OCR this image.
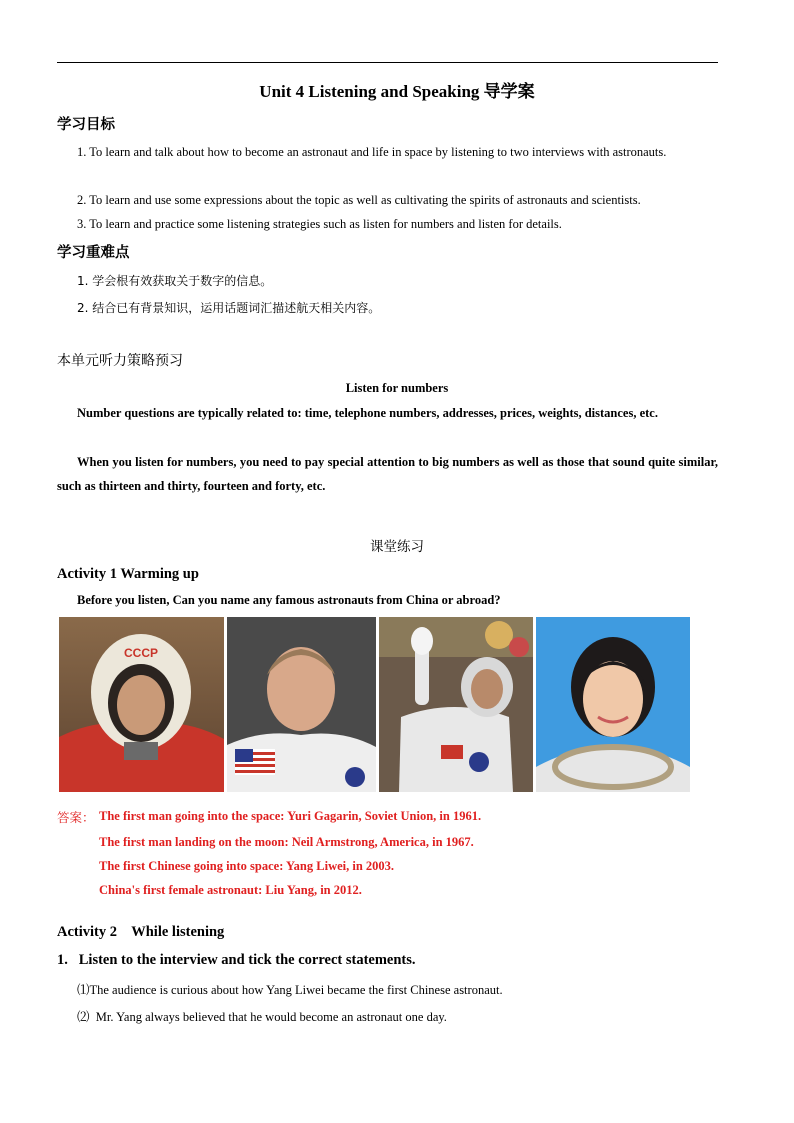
Unit 4 Listening and Speaking 导学案
学习目标
1. To learn and talk about how to become an astronaut and life in space by listening to two interviews with astronauts.
2. To learn and use some expressions about the topic as well as cultivating the spirits of astronauts and scientists.
3. To learn and practice some listening strategies such as listen for numbers and listen for details.
学习重难点
1. 学会根有效获取关于数字的信息。
2. 结合已有背景知识，运用话题词汇描述航天相关内容。
本单元听力策略预习
Listen for numbers
Number questions are typically related to: time, telephone numbers, addresses, prices, weights, distances, etc.
When you listen for numbers, you need to pay special attention to big numbers as well as those that sound quite similar, such as thirteen and thirty, fourteen and forty, etc.
课堂练习
Activity 1 Warming up
Before you listen, Can you name any famous astronauts from China or abroad?
CCCP
答案： The first man going into the space: Yuri Gagarin, Soviet Union, in 1961.
The first man landing on the moon: Neil Armstrong, America, in 1967.
The first Chinese going into space: Yang Liwei, in 2003.
China's first female astronaut: Liu Yang, in 2012.
Activity 2    While listening
1.   Listen to the interview and tick the correct statements.
⑴The audience is curious about how Yang Liwei became the first Chinese astronaut.
⑵  Mr. Yang always believed that he would become an astronaut one day.
